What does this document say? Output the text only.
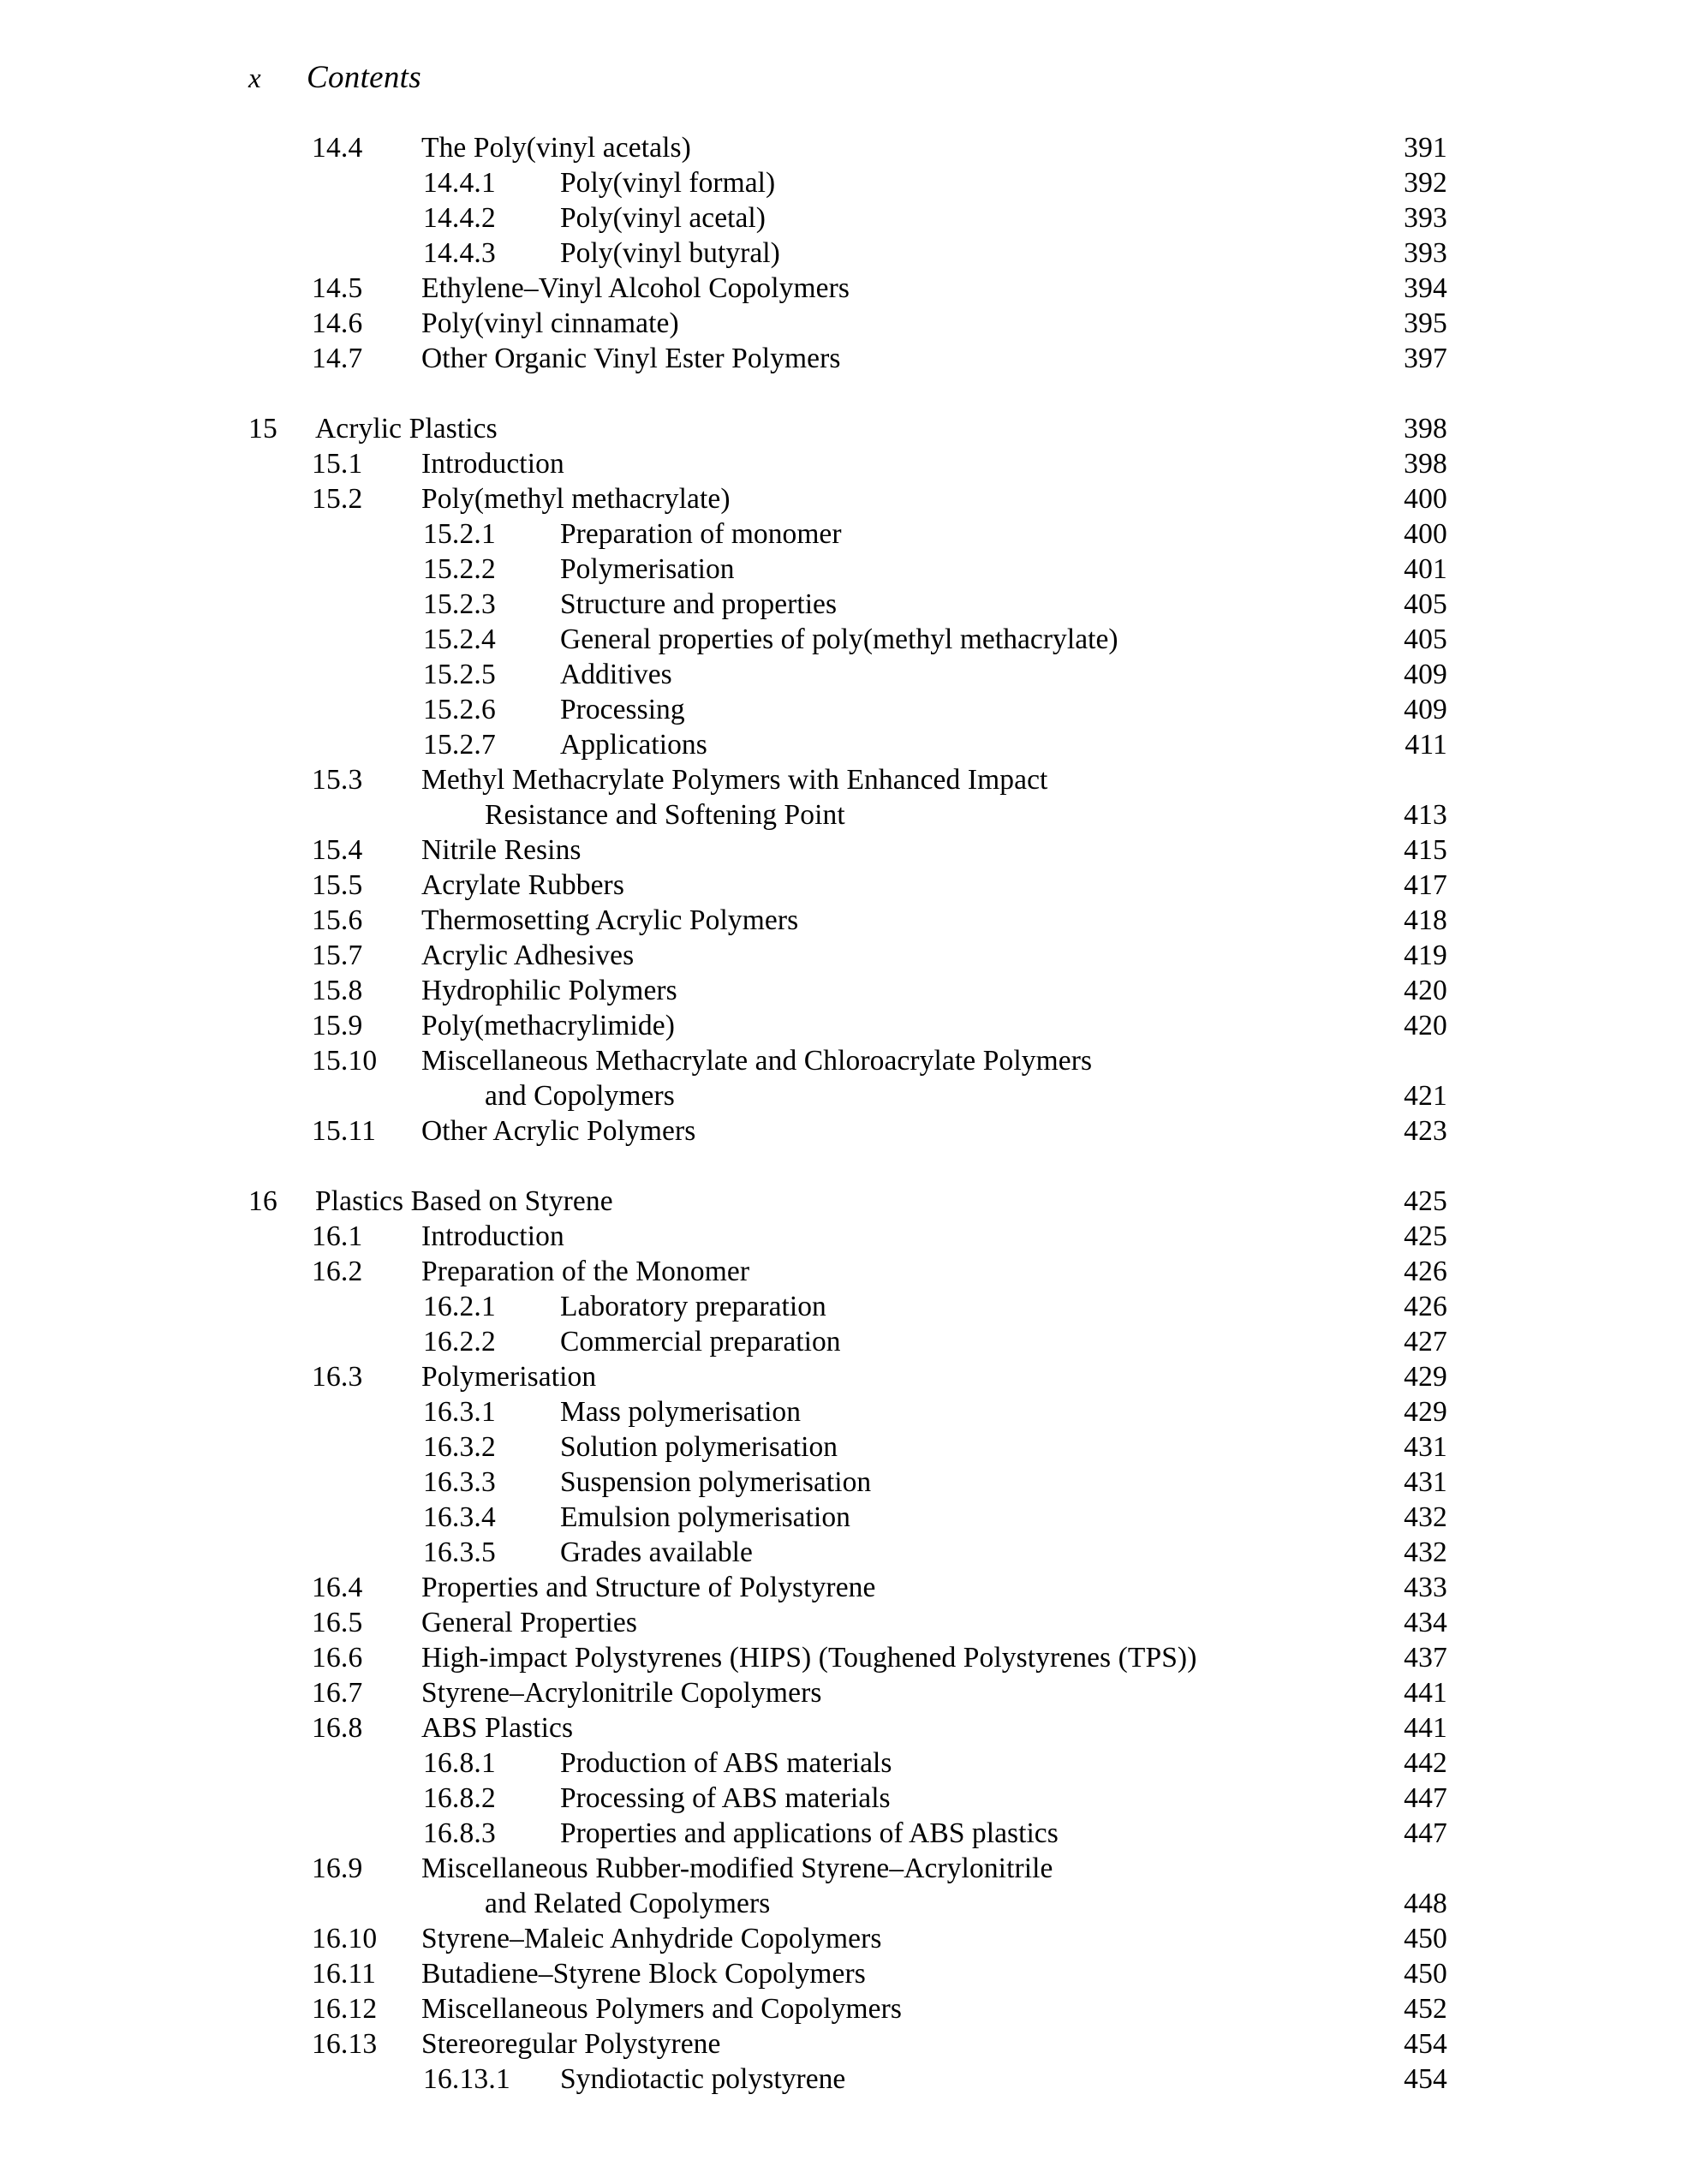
x	Contents
14.4	The Poly(vinyl acetals)	391
14.4.1	Poly(vinyl formal)	392
14.4.2	Poly(vinyl acetal)	393
14.4.3	Poly(vinyl butyral)	393
14.5	Ethylene–Vinyl Alcohol Copolymers	394
14.6	Poly(vinyl cinnamate)	395
14.7	Other Organic Vinyl Ester Polymers	397
15	Acrylic Plastics	398
15.1	Introduction	398
15.2	Poly(methyl methacrylate)	400
15.2.1	Preparation of monomer	400
15.2.2	Polymerisation	401
15.2.3	Structure and properties	405
15.2.4	General properties of poly(methyl methacrylate)	405
15.2.5	Additives	409
15.2.6	Processing	409
15.2.7	Applications	411
15.3	Methyl Methacrylate Polymers with Enhanced Impact
Resistance and Softening Point	413
15.4	Nitrile Resins	415
15.5	Acrylate Rubbers	417
15.6	Thermosetting Acrylic Polymers	418
15.7	Acrylic Adhesives	419
15.8	Hydrophilic Polymers	420
15.9	Poly(methacrylimide)	420
15.10	Miscellaneous Methacrylate and Chloroacrylate Polymers
and Copolymers	421
15.11	Other Acrylic Polymers	423
16	Plastics Based on Styrene	425
16.1	Introduction	425
16.2	Preparation of the Monomer	426
16.2.1	Laboratory preparation	426
16.2.2	Commercial preparation	427
16.3	Polymerisation	429
16.3.1	Mass polymerisation	429
16.3.2	Solution polymerisation	431
16.3.3	Suspension polymerisation	431
16.3.4	Emulsion polymerisation	432
16.3.5	Grades available	432
16.4	Properties and Structure of Polystyrene	433
16.5	General Properties	434
16.6	High-impact Polystyrenes (HIPS) (Toughened Polystyrenes (TPS))	437
16.7	Styrene–Acrylonitrile Copolymers	441
16.8	ABS Plastics	441
16.8.1	Production of ABS materials	442
16.8.2	Processing of ABS materials	447
16.8.3	Properties and applications of ABS plastics	447
16.9	Miscellaneous Rubber-modified Styrene–Acrylonitrile
and Related Copolymers	448
16.10	Styrene–Maleic Anhydride Copolymers	450
16.11	Butadiene–Styrene Block Copolymers	450
16.12	Miscellaneous Polymers and Copolymers	452
16.13	Stereoregular Polystyrene	454
16.13.1	Syndiotactic polystyrene	454
